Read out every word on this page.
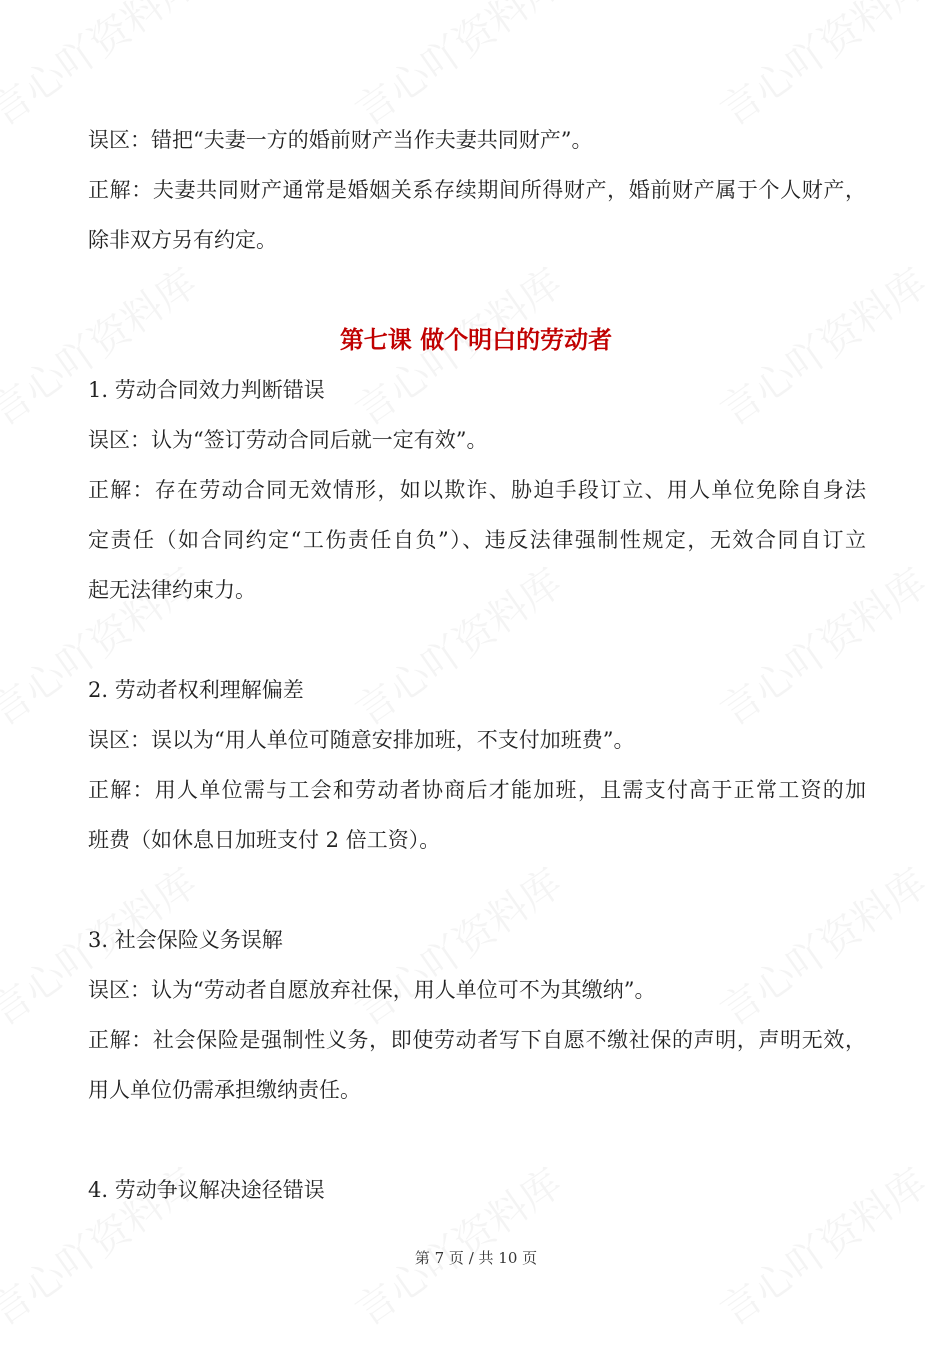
误区：错把“夫妻一方的婚前财产当作夫妻共同财产”。
正解：夫妻共同财产通常是婚姻关系存续期间所得财产，婚前财产属于个人财产，
除非双方另有约定。
第七课 做个明白的劳动者
1. 劳动合同效力判断错误
误区：认为“签订劳动合同后就一定有效”。
正解：存在劳动合同无效情形，如以欺诈、胁迫手段订立、用人单位免除自身法
定责任（如合同约定“工伤责任自负”）、违反法律强制性规定，无效合同自订立
起无法律约束力。
2. 劳动者权利理解偏差
误区：误以为“用人单位可随意安排加班，不支付加班费”。
正解：用人单位需与工会和劳动者协商后才能加班，且需支付高于正常工资的加
班费（如休息日加班支付 2 倍工资）。
3. 社会保险义务误解
误区：认为“劳动者自愿放弃社保，用人单位可不为其缴纳”。
正解：社会保险是强制性义务，即使劳动者写下自愿不缴社保的声明，声明无效，
用人单位仍需承担缴纳责任。
4. 劳动争议解决途径错误
第 7 页 / 共 10 页
